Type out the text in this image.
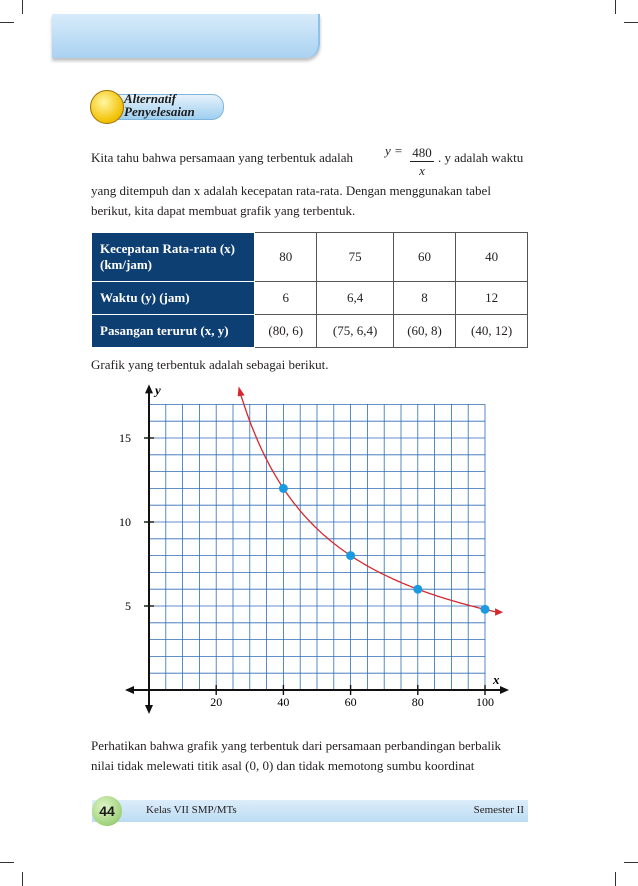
Alternatif
Penyelesaian
Kita tahu bahwa persamaan yang terbentuk adalah	$y = \frac{480}{x}$ . y adalah waktu
yang ditempuh dan x adalah kecepatan rata-rata. Dengan menggunakan tabel
berikut, kita dapat membuat grafik yang terbentuk.
Kecepatan Rata-rata (x) (km/jam)	80	75	60	40
Waktu (y) (jam)	6	6,4	8	12
Pasangan terurut (x, y)	(80, 6)	(75, 6,4)	(60, 8)	(40, 12)
Grafik yang terbentuk adalah sebagai berikut.
20	40	60	80	100
5
10
15
x
y
Perhatikan bahwa grafik yang terbentuk dari persamaan perbandingan berbalik
nilai tidak melewati titik asal (0, 0) dan tidak memotong sumbu koordinat
44	Kelas VII SMP/MTs	Semester II
